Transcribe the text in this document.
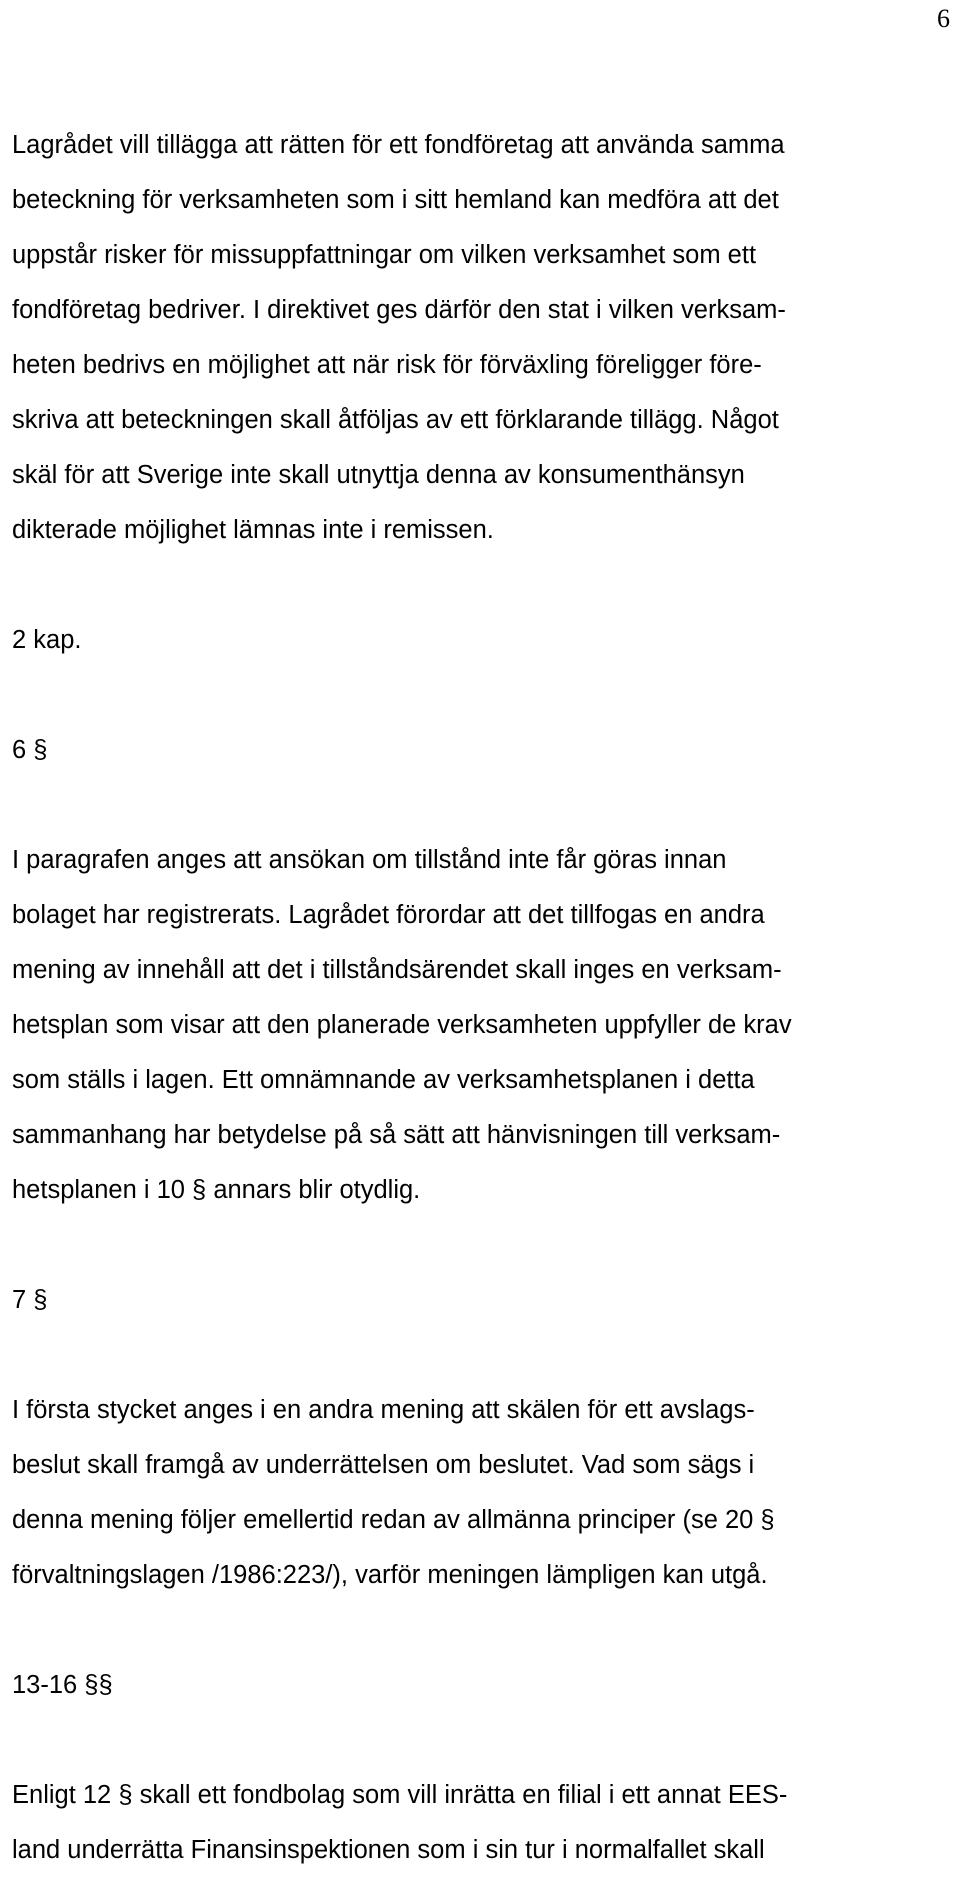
6

Lagrådet vill tillägga att rätten för ett fondföretag att använda samma
beteckning för verksamheten som i sitt hemland kan medföra att det
uppstår risker för missuppfattningar om vilken verksamhet som ett
fondföretag bedriver. I direktivet ges därför den stat i vilken verksam-
heten bedrivs en möjlighet att när risk för förväxling föreligger före-
skriva att beteckningen skall åtföljas av ett förklarande tillägg. Något
skäl för att Sverige inte skall utnyttja denna av konsumenthänsyn
dikterade möjlighet lämnas inte i remissen.

2 kap.

6 §

I paragrafen anges att ansökan om tillstånd inte får göras innan
bolaget har registrerats. Lagrådet förordar att det tillfogas en andra
mening av innehåll att det i tillståndsärendet skall inges en verksam-
hetsplan som visar att den planerade verksamheten uppfyller de krav
som ställs i lagen. Ett omnämnande av verksamhetsplanen i detta
sammanhang har betydelse på så sätt att hänvisningen till verksam-
hetsplanen i 10 § annars blir otydlig.

7 §

I första stycket anges i en andra mening att skälen för ett avslags-
beslut skall framgå av underrättelsen om beslutet. Vad som sägs i
denna mening följer emellertid redan av allmänna principer (se 20 §
förvaltningslagen /1986:223/), varför meningen lämpligen kan utgå.

13-16 §§

Enligt 12 § skall ett fondbolag som vill inrätta en filial i ett annat EES-
land underrätta Finansinspektionen som i sin tur i normalfallet skall
